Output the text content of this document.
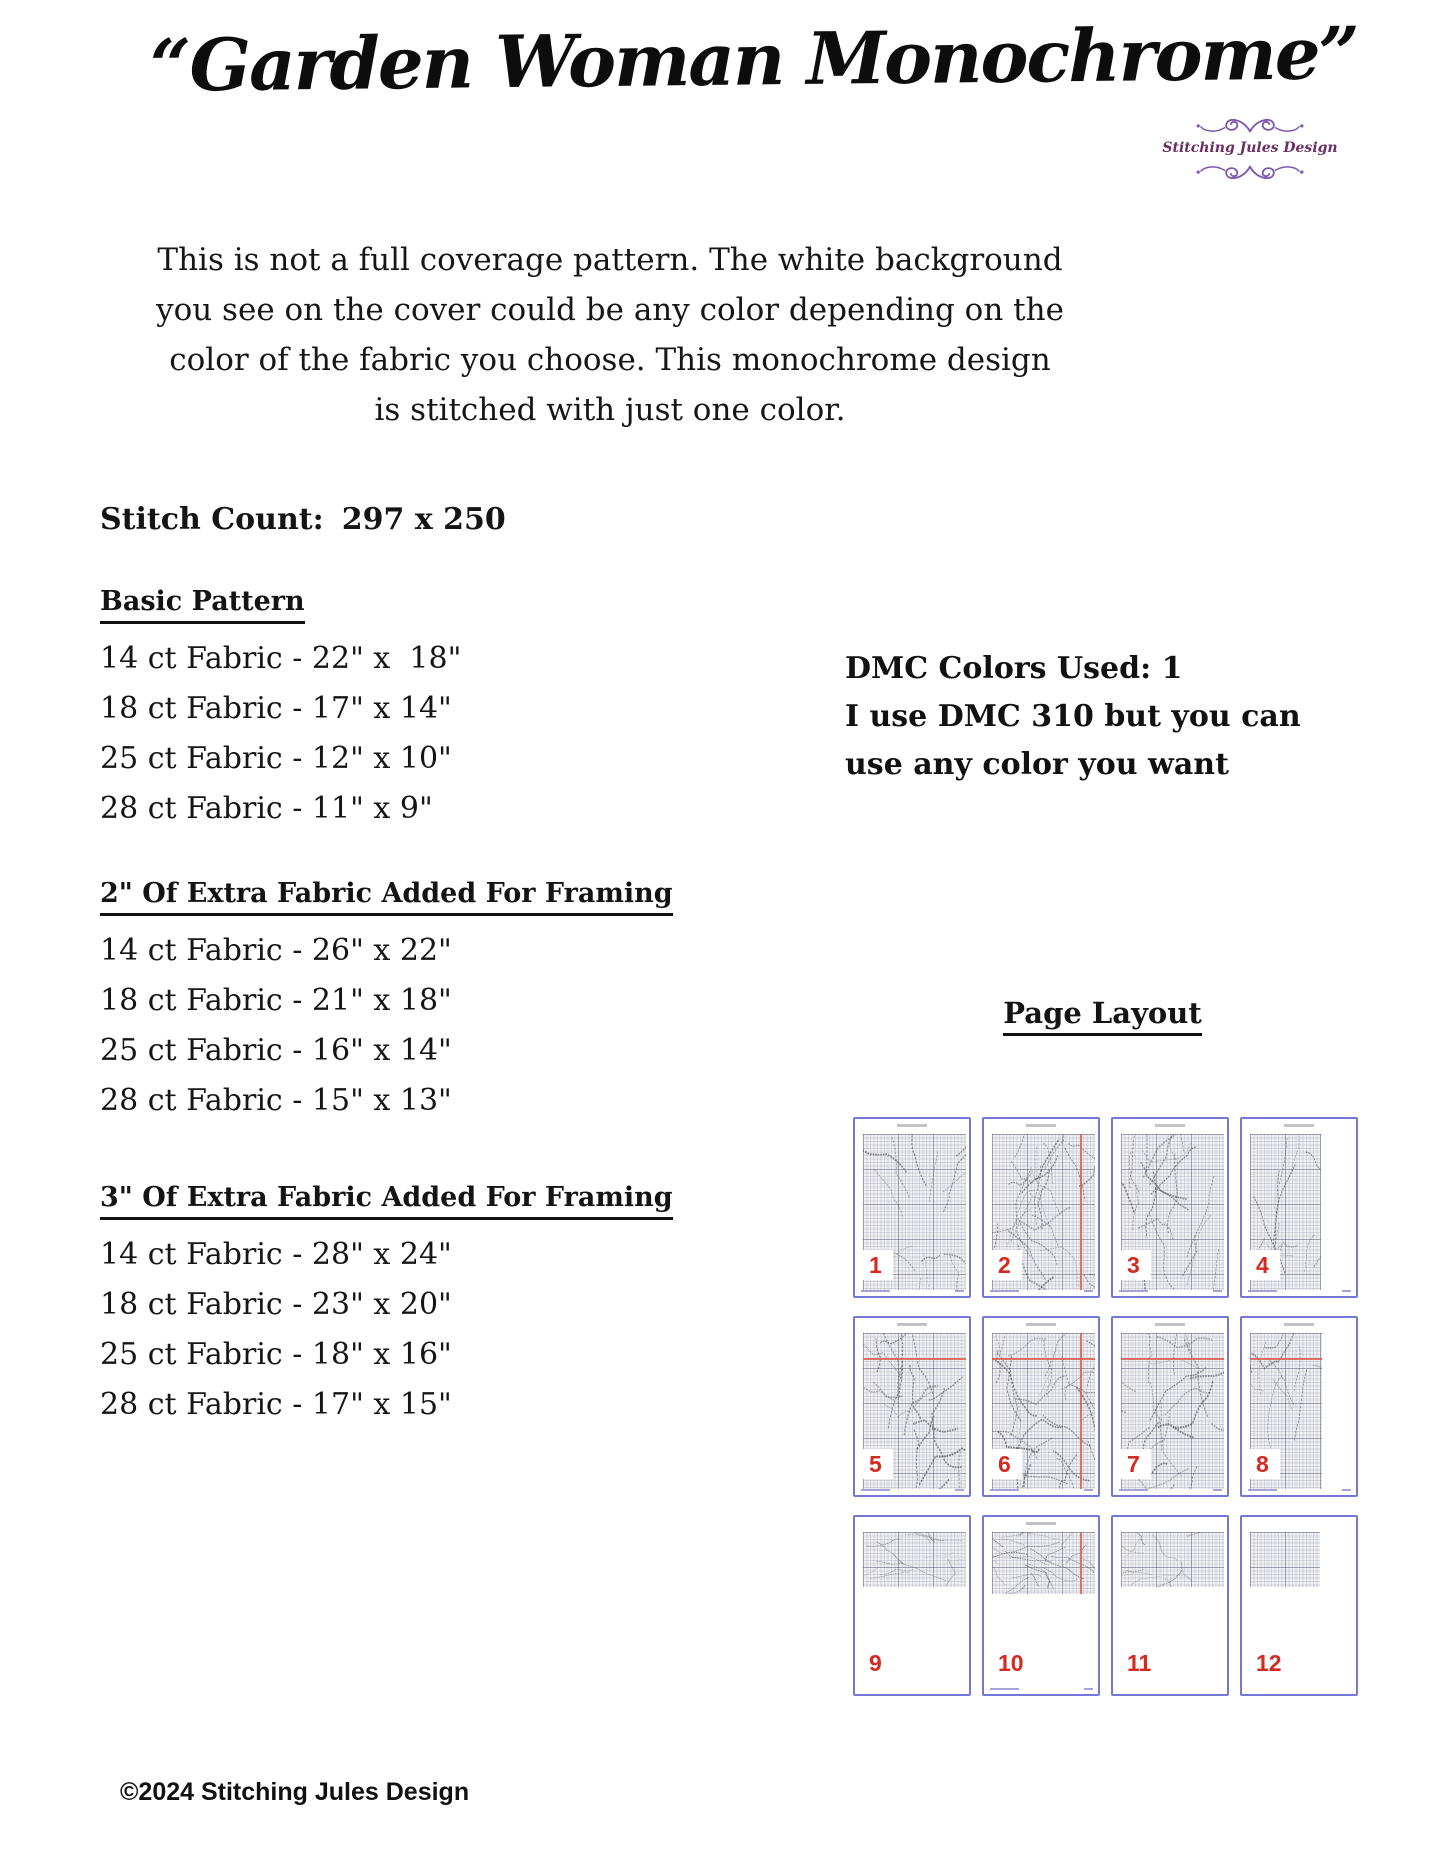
“Garden Woman Monochrome”
Stitching Jules Design
This is not a full coverage pattern. The white background
you see on the cover could be any color depending on the
color of the fabric you choose. This monochrome design
is stitched with just one color.
Stitch Count: 297 x 250
Basic Pattern
14 ct Fabric - 22" x  18"
18 ct Fabric - 17" x 14"
25 ct Fabric - 12" x 10"
28 ct Fabric - 11" x 9"
2" Of Extra Fabric Added For Framing
14 ct Fabric - 26" x 22"
18 ct Fabric - 21" x 18"
25 ct Fabric - 16" x 14"
28 ct Fabric - 15" x 13"
3" Of Extra Fabric Added For Framing
14 ct Fabric - 28" x 24"
18 ct Fabric - 23" x 20"
25 ct Fabric - 18" x 16"
28 ct Fabric - 17" x 15"
DMC Colors Used: 1
I use DMC 310 but you can
use any color you want
Page Layout
1	2	3	4
5	6	7	8
9	10	11	12
©2024 Stitching Jules Design
